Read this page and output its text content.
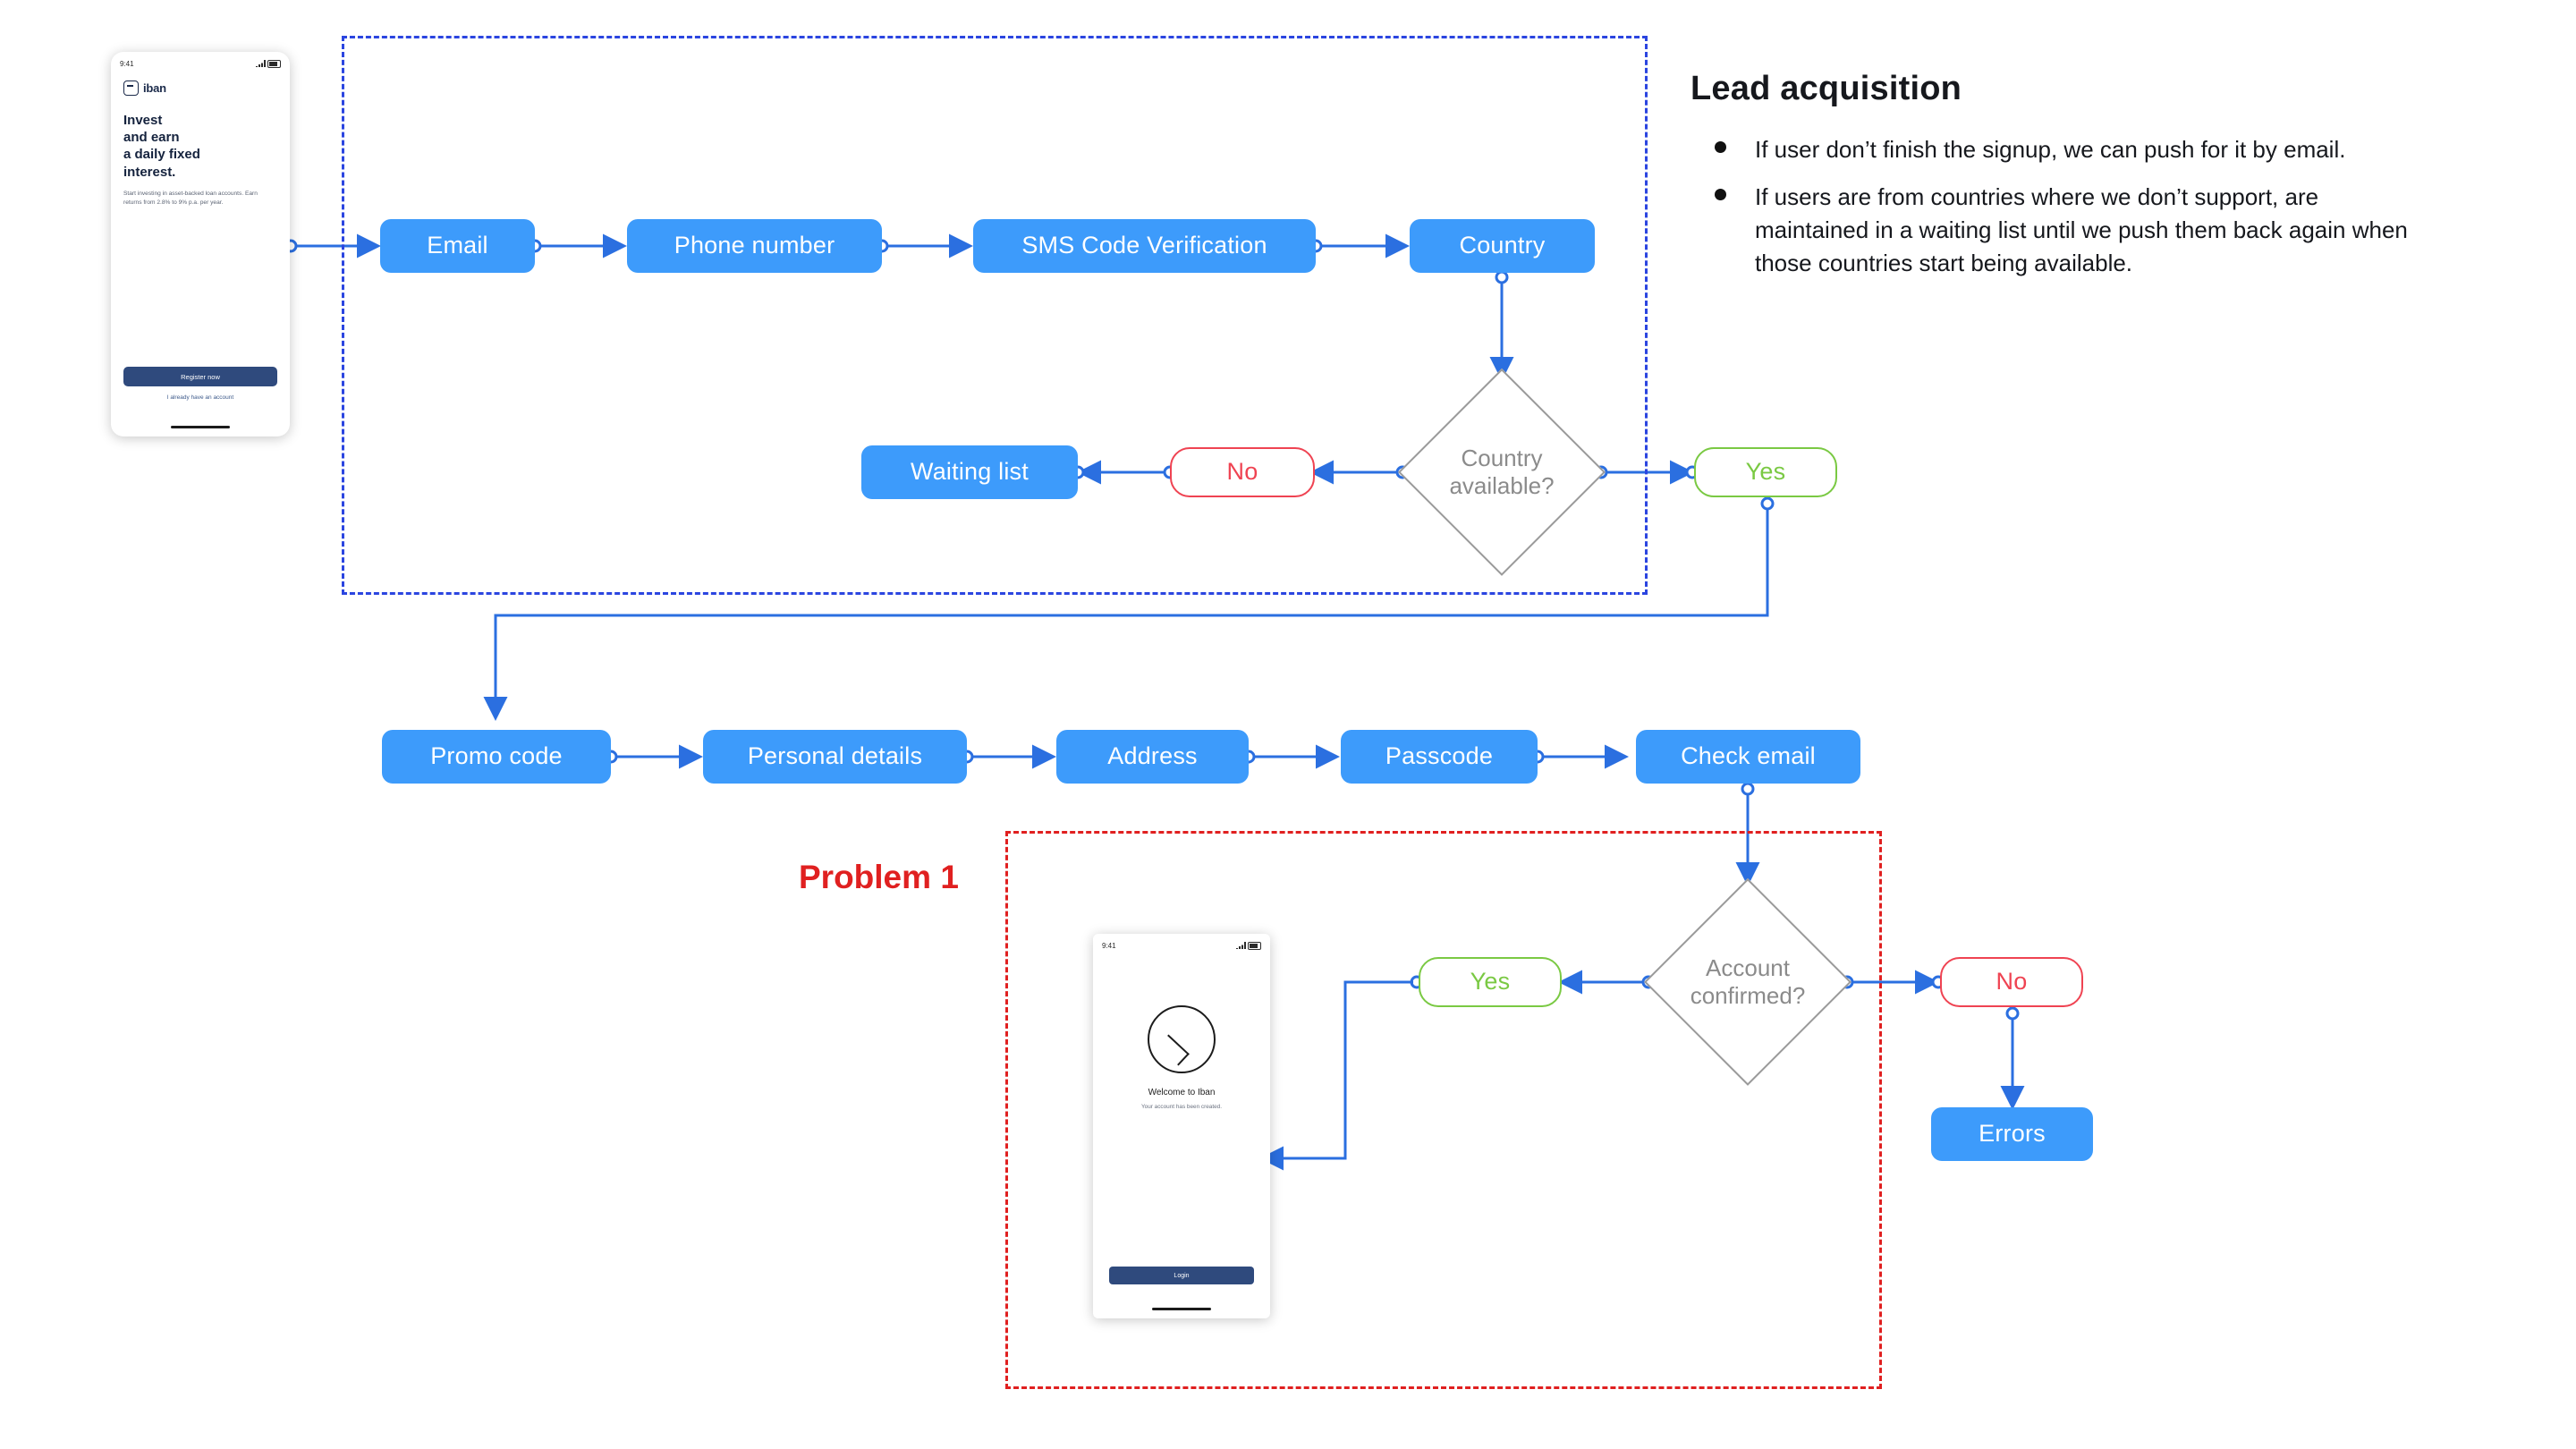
Problem 1
Email	Phone number	SMS Code Verification	Country
Country
available?
No
Waiting list	Yes
Promo code	Personal details	Address	Passcode	Check email
Account
confirmed?
Yes	No
Errors
Lead acquisition
If user don’t finish the signup, we can push for it by email.
If users are from countries where we don’t support, are maintained in a waiting list until we push them back again when those countries start being available.
9:41
iban
Invest
and earn
a daily fixed
interest.
Start investing in asset-backed loan accounts. Earn returns from 2.8% to 9% p.a. per year.
Register now
I already have an account
9:41
Welcome to Iban
Your account has been created.
Login
